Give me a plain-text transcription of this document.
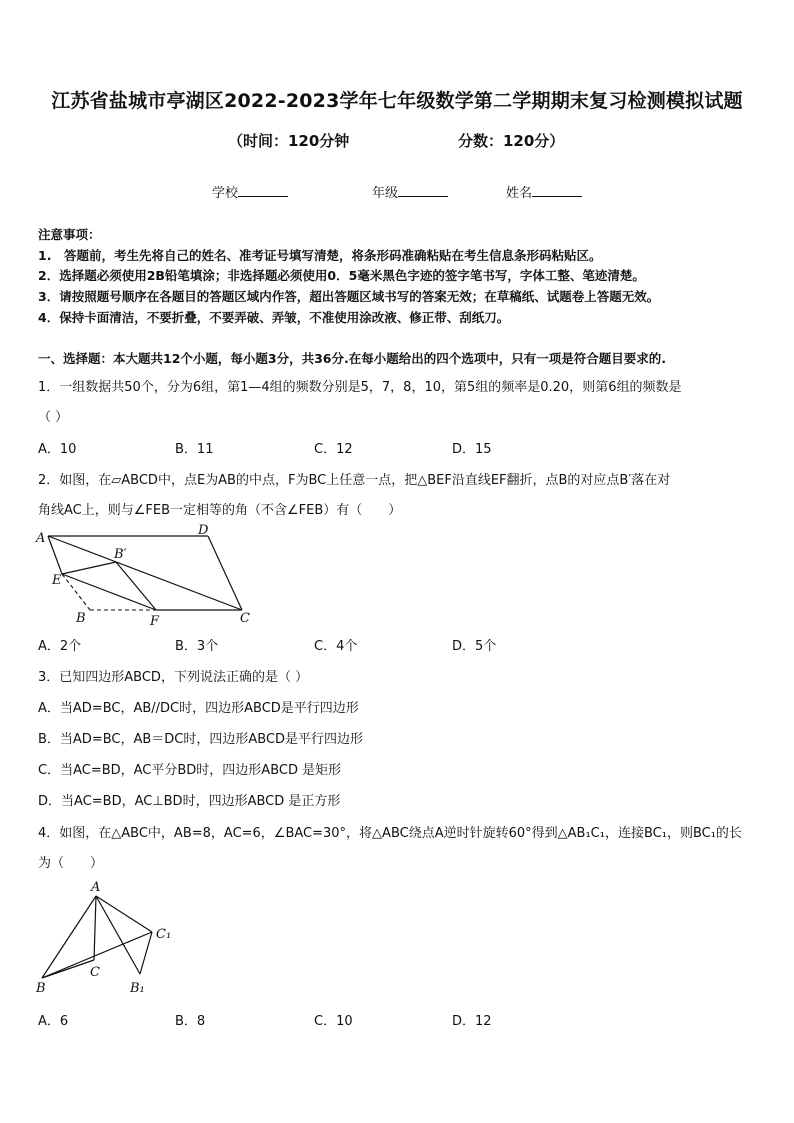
江苏省盐城市亭湖区2022-2023学年七年级数学第二学期期末复习检测模拟试题
（时间：120分钟	分数：120分）
学校	年级	姓名
注意事项：
1.　答题前，考生先将自己的姓名、准考证号填写清楚，将条形码准确粘贴在考生信息条形码粘贴区。
2．选择题必须使用2B铅笔填涂；非选择题必须使用0．5毫米黑色字迹的签字笔书写，字体工整、笔迹清楚。
3．请按照题号顺序在各题目的答题区域内作答，超出答题区域书写的答案无效；在草稿纸、试题卷上答题无效。
4．保持卡面清洁，不要折叠，不要弄破、弄皱，不准使用涂改液、修正带、刮纸刀。
一、选择题：本大题共12个小题，每小题3分，共36分.在每小题给出的四个选项中，只有一项是符合题目要求的.
1．一组数据共50个，分为6组，第1—4组的频数分别是5，7，8，10，第5组的频率是0.20，则第6组的频数是
（ ）
A．10	B．11	C．12	D．15
2．如图，在▱ABCD中，点E为AB的中点，F为BC上任意一点，把△BEF沿直线EF翻折，点B的对应点B′落在对
角线AC上，则与∠FEB一定相等的角（不含∠FEB）有（　　）
A
D
B′
E
B	F	C
A．2个	B．3个	C．4个	D．5个
3．已知四边形ABCD，下列说法正确的是（ ）
A．当AD=BC，AB//DC时，四边形ABCD是平行四边形
B．当AD=BC，AB＝DC时，四边形ABCD是平行四边形
C．当AC=BD，AC平分BD时，四边形ABCD 是矩形
D．当AC=BD，AC⊥BD时，四边形ABCD 是正方形
4．如图，在△ABC中，AB=8，AC=6，∠BAC=30°，将△ABC绕点A逆时针旋转60°得到△AB₁C₁，连接BC₁，则BC₁的长
为（　　）
A
C₁
C
B	B₁
A．6	B．8	C．10	D．12
